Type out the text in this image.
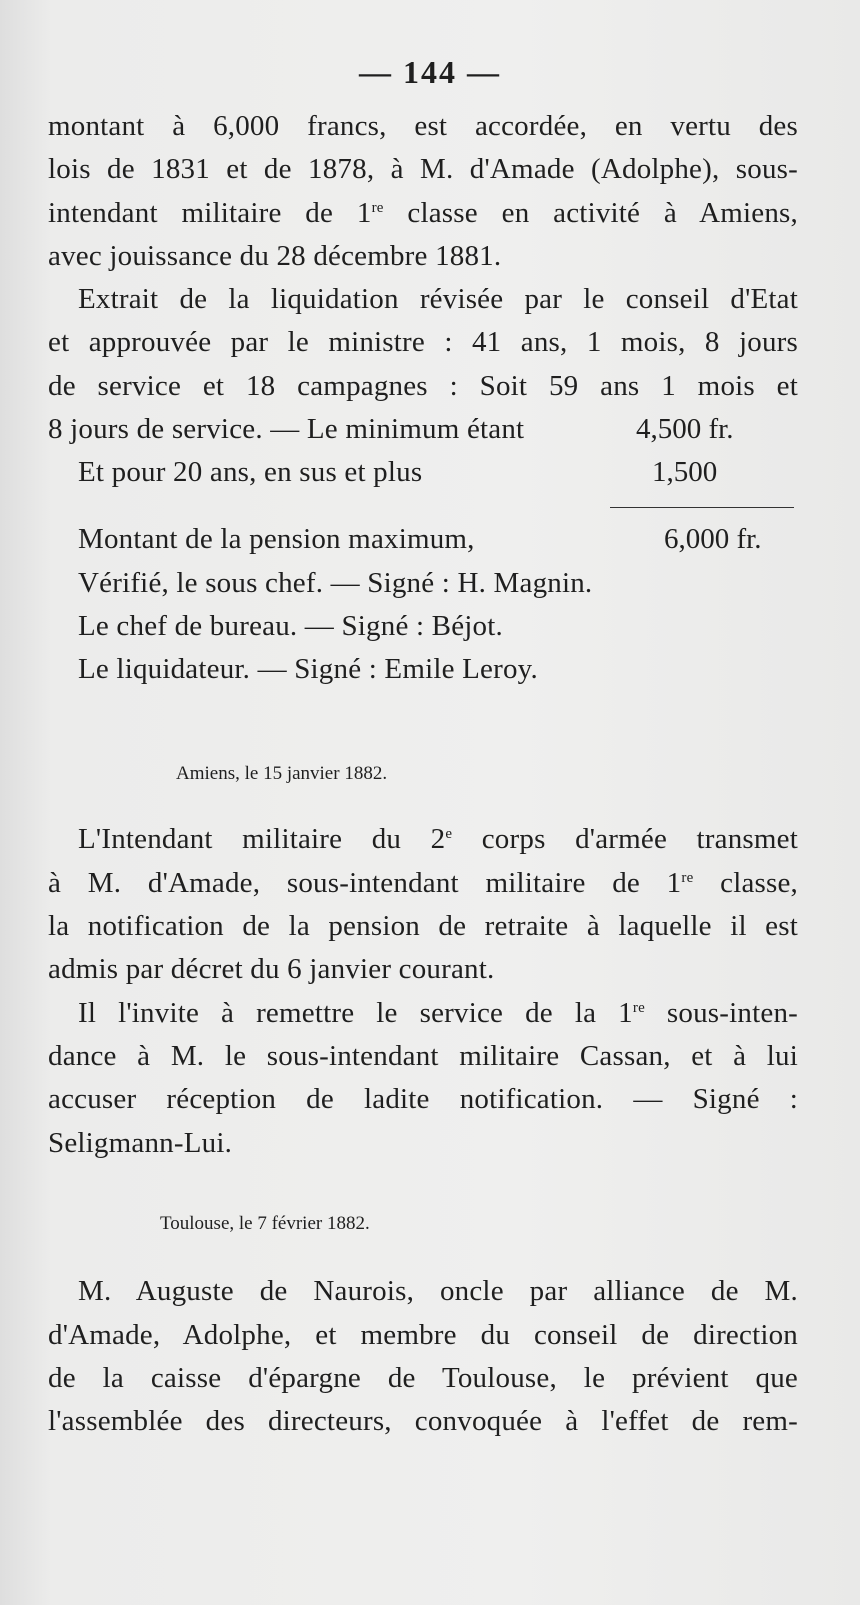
— 144 —
montant à 6,000 francs, est accordée, en vertu des
lois de 1831 et de 1878, à M. d'Amade (Adolphe), sous-
intendant militaire de 1re classe en activité à Amiens,
avec jouissance du 28 décembre 1881.
Extrait de la liquidation révisée par le conseil d'Etat
et approuvée par le ministre : 41 ans, 1 mois, 8 jours
de service et 18 campagnes : Soit 59 ans 1 mois et
8 jours de service. — Le minimum étant	4,500 fr.
Et pour 20 ans, en sus et plus	1,500
Montant de la pension maximum,	6,000 fr.
Vérifié, le sous chef. — Signé : H. Magnin.
Le chef de bureau. — Signé : Béjot.
Le liquidateur. — Signé : Emile Leroy.
Amiens, le 15 janvier 1882.
L'Intendant militaire du 2e corps d'armée transmet
à M. d'Amade, sous-intendant militaire de 1re classe,
la notification de la pension de retraite à laquelle il est
admis par décret du 6 janvier courant.
Il l'invite à remettre le service de la 1re sous-inten-
dance à M. le sous-intendant militaire Cassan, et à lui
accuser réception de ladite notification. — Signé :
Seligmann-Lui.
Toulouse, le 7 février 1882.
M. Auguste de Naurois, oncle par alliance de M.
d'Amade, Adolphe, et membre du conseil de direction
de la caisse d'épargne de Toulouse, le prévient que
l'assemblée des directeurs, convoquée à l'effet de rem-
